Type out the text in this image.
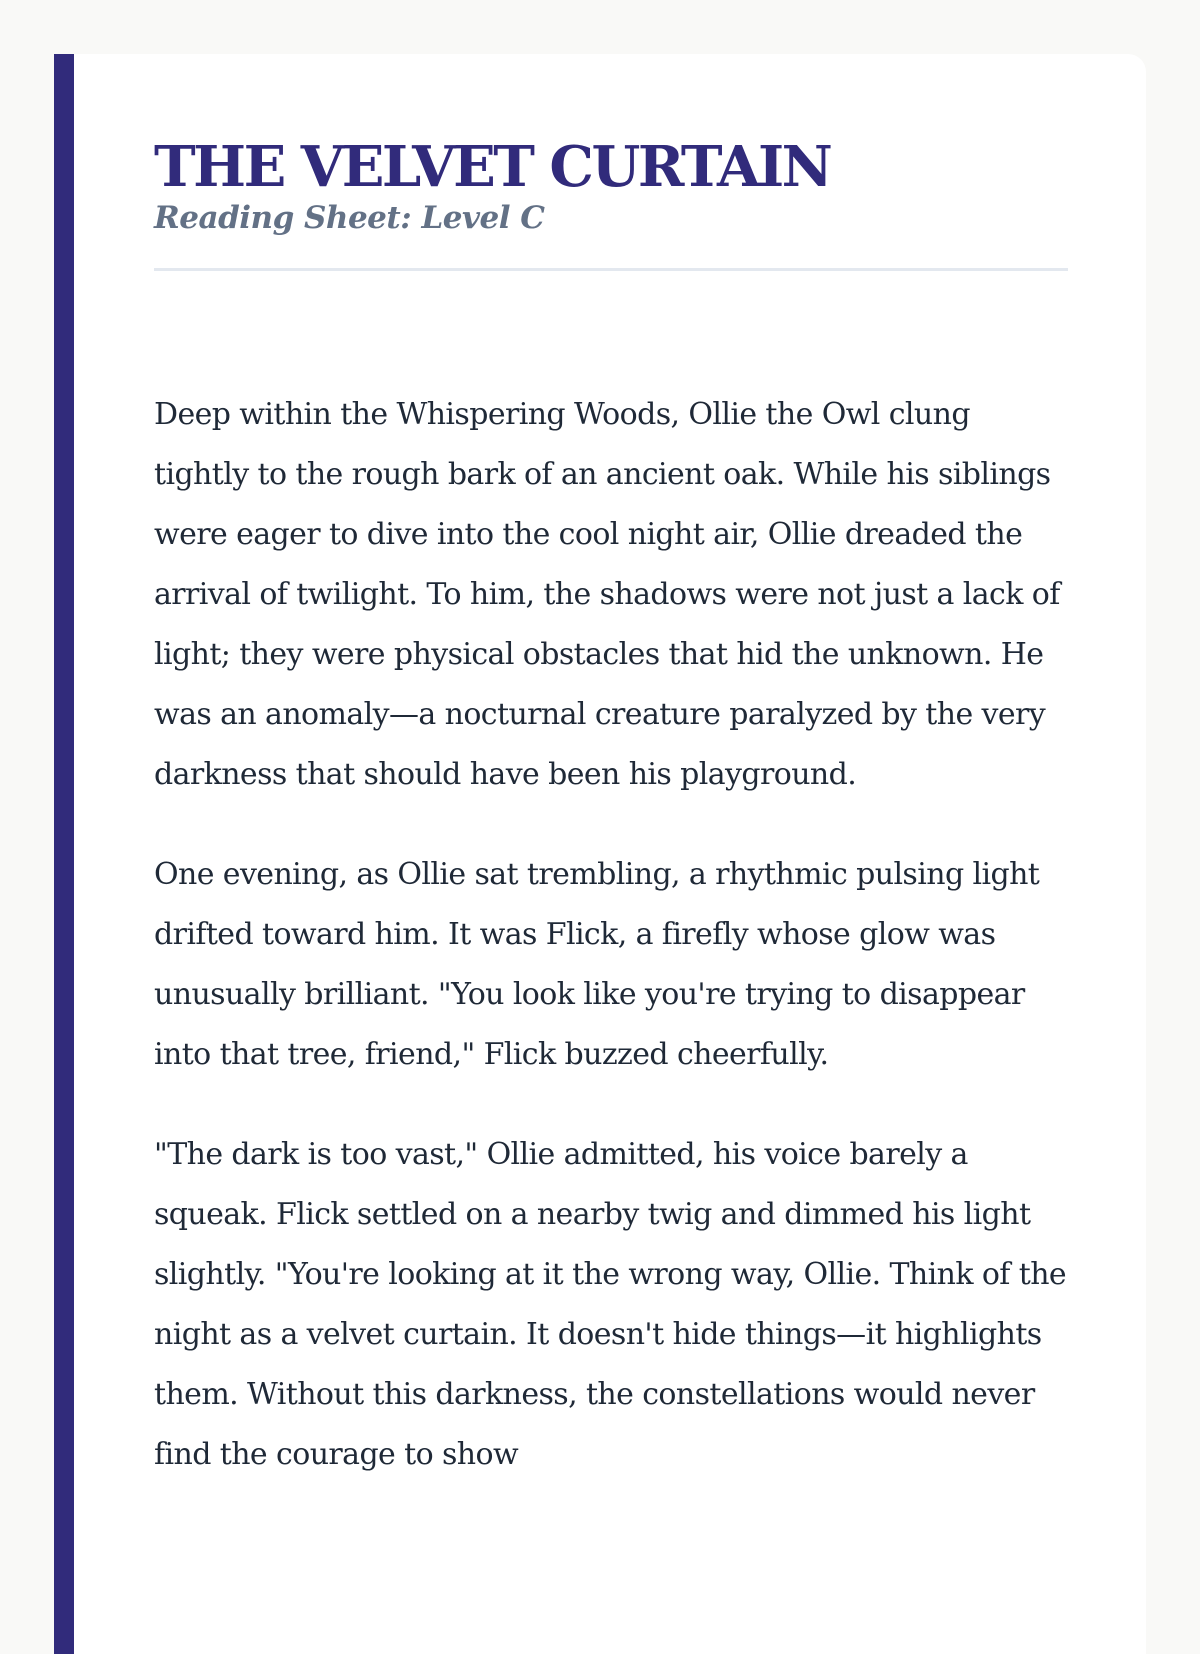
THE VELVET CURTAIN
Reading Sheet: Level C

Deep within the Whispering Woods, Ollie the Owl clung tightly to the rough bark of an ancient oak. While his siblings were eager to dive into the cool night air, Ollie dreaded the arrival of twilight. To him, the shadows were not just a lack of light; they were physical obstacles that hid the unknown. He was an anomaly—a nocturnal creature paralyzed by the very darkness that should have been his playground.

One evening, as Ollie sat trembling, a rhythmic pulsing light drifted toward him. It was Flick, a firefly whose glow was unusually brilliant. "You look like you're trying to disappear into that tree, friend," Flick buzzed cheerfully.

"The dark is too vast," Ollie admitted, his voice barely a squeak. Flick settled on a nearby twig and dimmed his light slightly. "You're looking at it the wrong way, Ollie. Think of the night as a velvet curtain. It doesn't hide things—it highlights them. Without this darkness, the constellations would never find the courage to show
